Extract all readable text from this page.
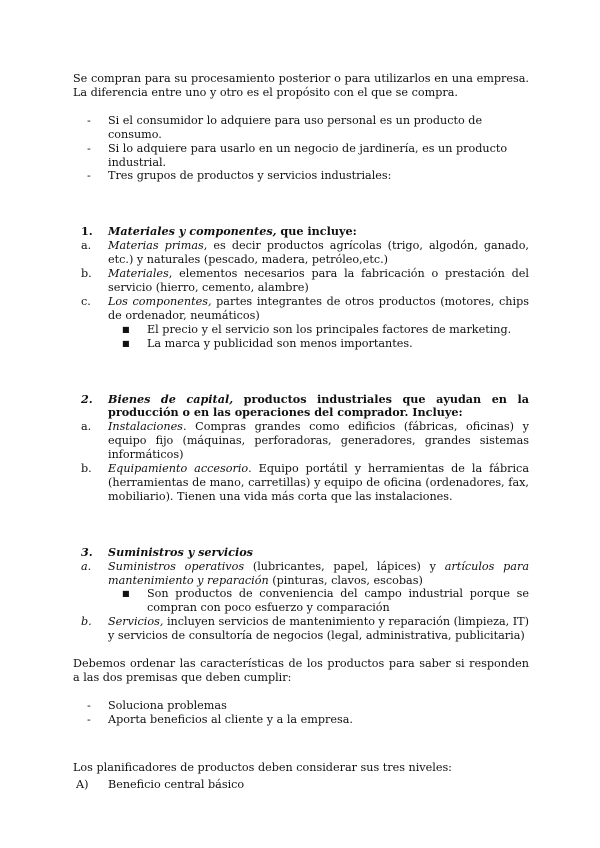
Se compran para su procesamiento posterior o para utilizarlos en una empresa. La diferencia entre uno y otro es el propósito con el que se compra.

- Si el consumidor lo adquiere para uso personal es un producto de consumo.
- Si lo adquiere para usarlo en un negocio de jardinería, es un producto industrial.
- Tres grupos de productos y servicios industriales:
1. Materiales y componentes, que incluye:
a. Materias primas, es decir productos agrícolas (trigo, algodón, ganado, etc.) y naturales (pescado, madera, petróleo,etc.)
b. Materiales, elementos necesarios para la fabricación o prestación del servicio (hierro, cemento, alambre)
c. Los componentes, partes integrantes de otros productos (motores, chips de ordenador, neumáticos)
■ El precio y el servicio son los principales factores de marketing.
■ La marca y publicidad son menos importantes.
2. Bienes de capital, productos industriales que ayudan en la producción o en las operaciones del comprador. Incluye:
a. Instalaciones. Compras grandes como edificios (fábricas, oficinas) y equipo fijo (máquinas, perforadoras, generadores, grandes sistemas informáticos)
b. Equipamiento accesorio. Equipo portátil y herramientas de la fábrica (herramientas de mano, carretillas) y equipo de oficina (ordenadores, fax, mobiliario). Tienen una vida más corta que las instalaciones.
3. Suministros y servicios
a. Suministros operativos (lubricantes, papel, lápices) y artículos para mantenimiento y reparación (pinturas, clavos, escobas)
■ Son productos de conveniencia del campo industrial porque se compran con poco esfuerzo y comparación
b. Servicios, incluyen servicios de mantenimiento y reparación (limpieza, IT) y servicios de consultoría de negocios (legal, administrativa, publicitaria)

Debemos ordenar las características de los productos para saber si responden a las dos premisas que deben cumplir:

- Soluciona problemas
- Aporta beneficios al cliente y a la empresa.

Los planificadores de productos deben considerar sus tres niveles:

A) Beneficio central básico
